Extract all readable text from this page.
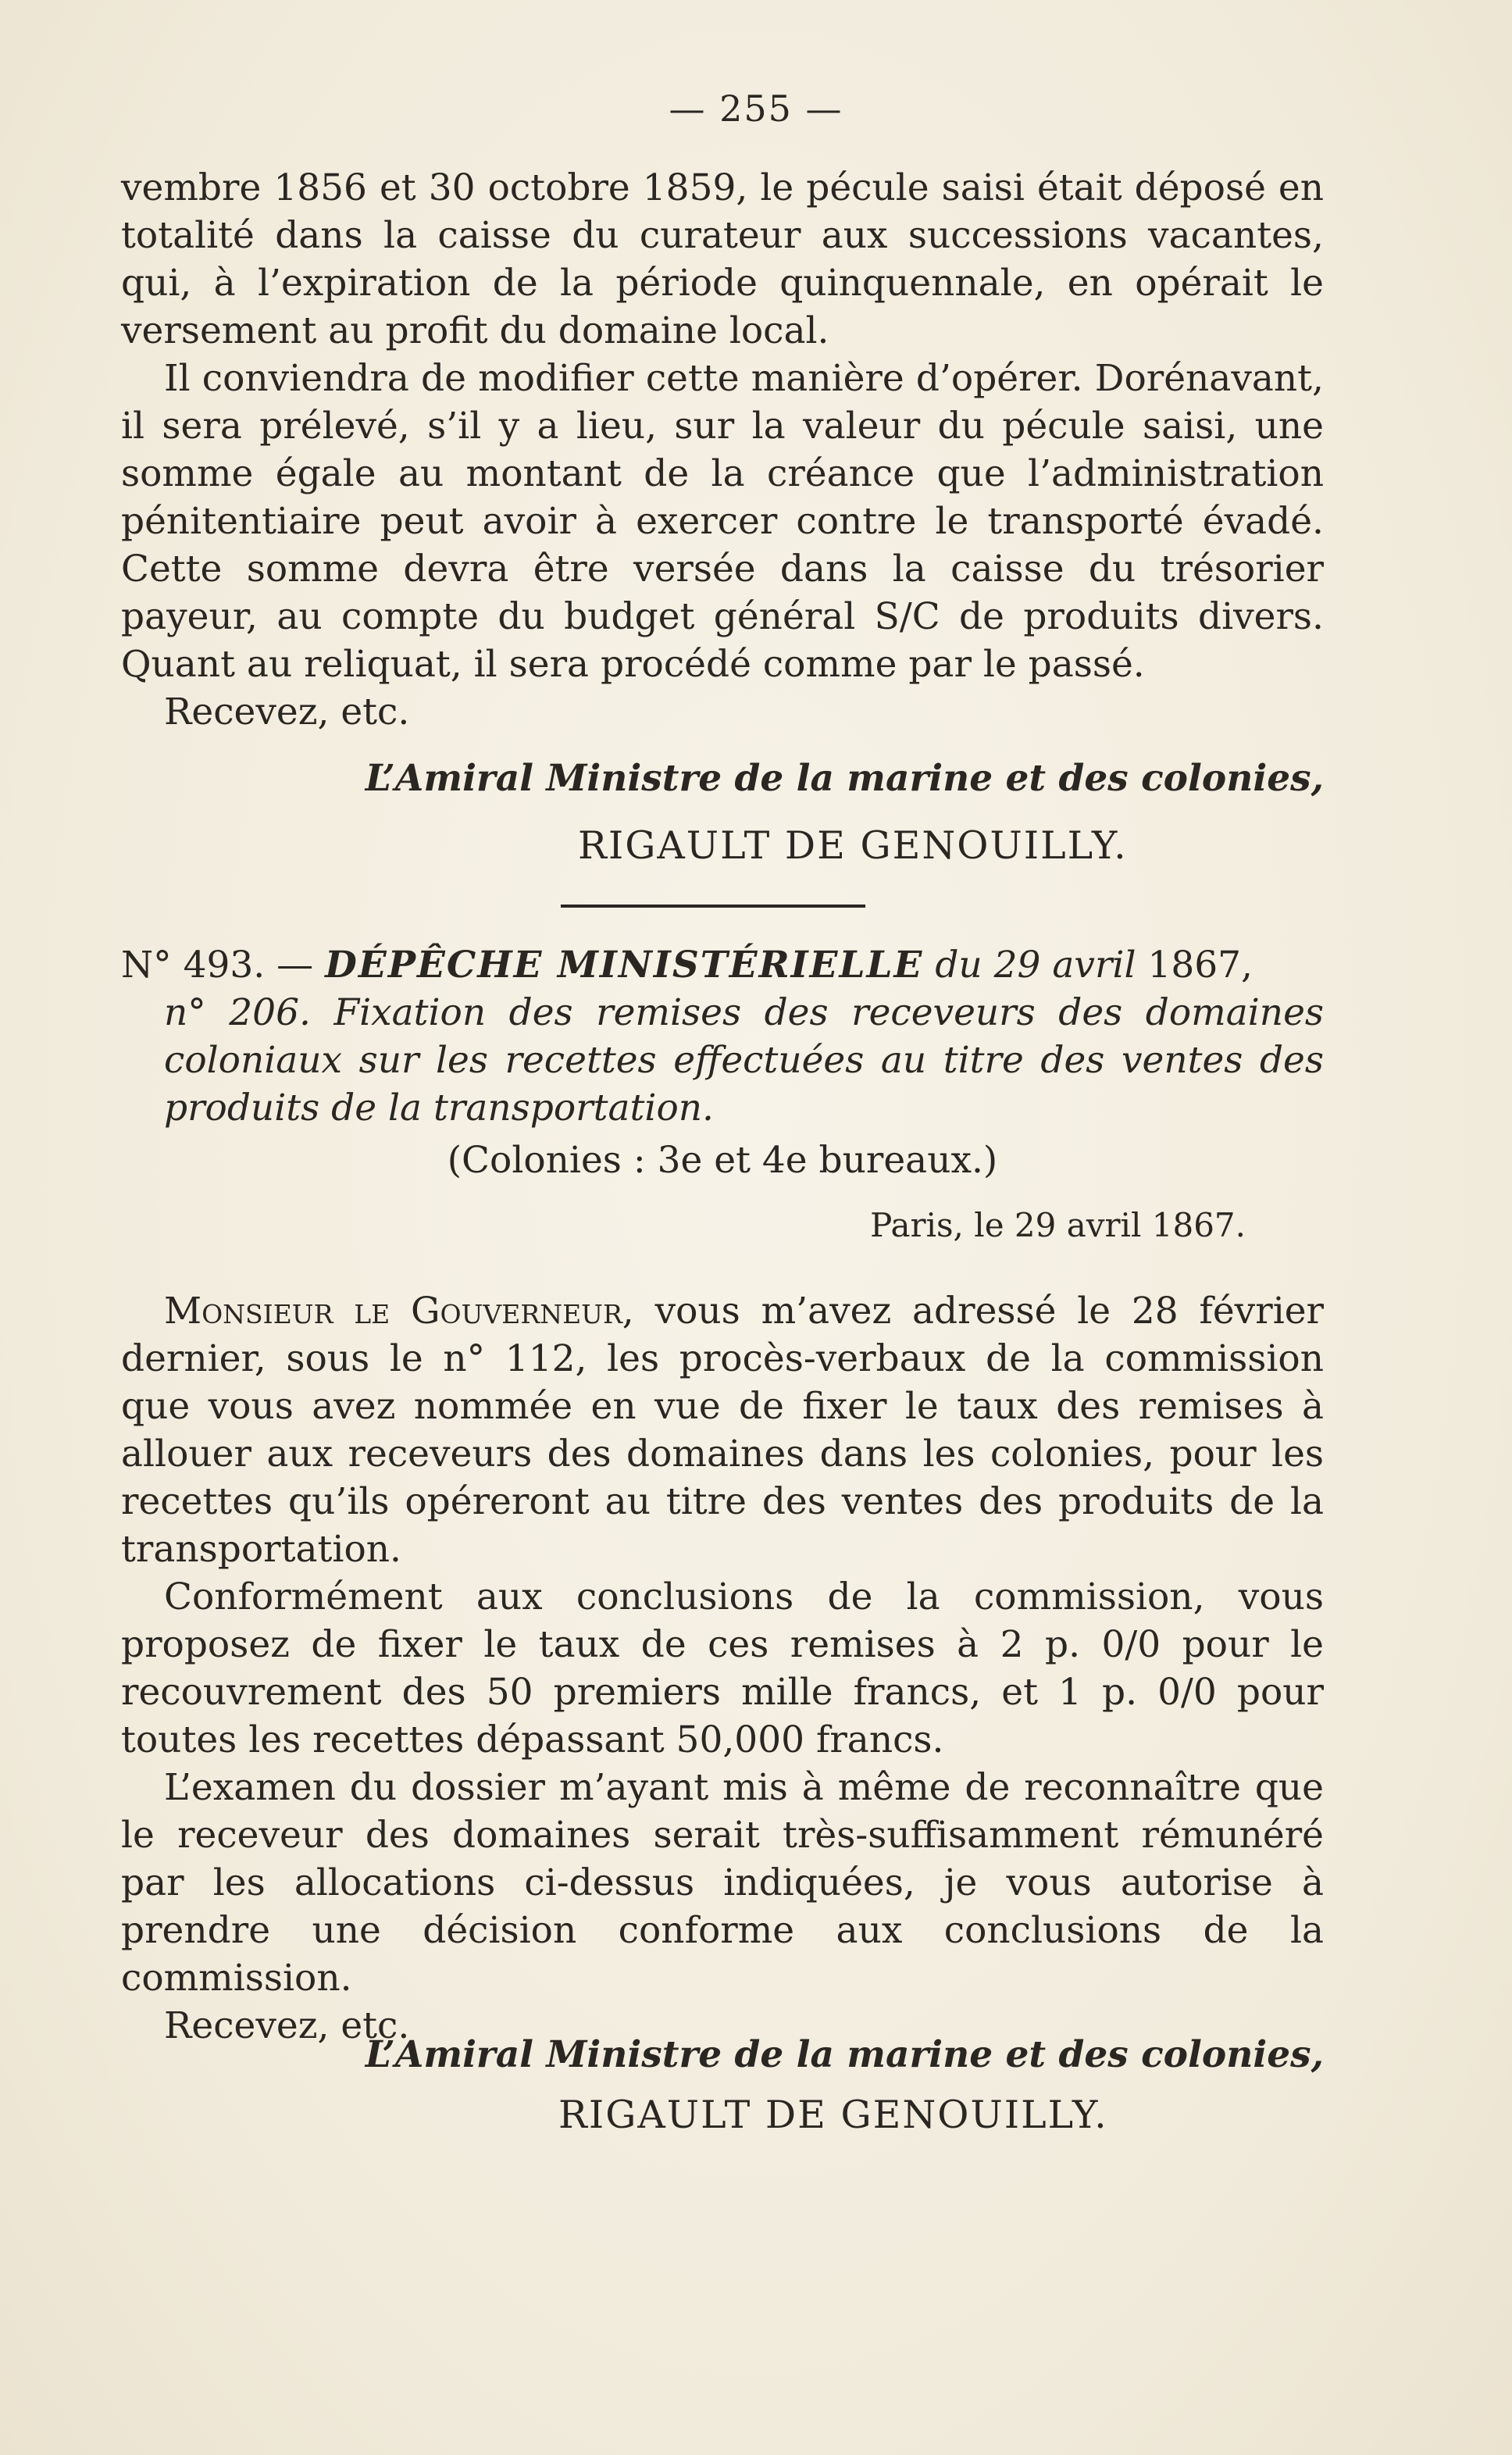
— 255 —

vembre 1856 et 30 octobre 1859, le pécule saisi était déposé en totalité dans la caisse du curateur aux successions vacantes, qui, à l’expiration de la période quinquennale, en opérait le versement au profit du domaine local.

Il conviendra de modifier cette manière d’opérer. Dorénavant, il sera prélevé, s’il y a lieu, sur la valeur du pécule saisi, une somme égale au montant de la créance que l’administration pénitentiaire peut avoir à exercer contre le transporté évadé. Cette somme devra être versée dans la caisse du trésorier payeur, au compte du budget général S/C de produits divers. Quant au reliquat, il sera procédé comme par le passé.

Recevez, etc.

L’Amiral Ministre de la marine et des colonies,

RIGAULT DE GENOUILLY.

N° 493. — DÉPÊCHE MINISTÉRIELLE du 29 avril 1867,

n° 206. Fixation des remises des receveurs des domaines coloniaux sur les recettes effectuées au titre des ventes des produits de la transportation.

(Colonies : 3e et 4e bureaux.)

Paris, le 29 avril 1867.

Monsieur le Gouverneur, vous m’avez adressé le 28 février dernier, sous le n° 112, les procès-verbaux de la commission que vous avez nommée en vue de fixer le taux des remises à allouer aux receveurs des domaines dans les colonies, pour les recettes qu’ils opéreront au titre des ventes des produits de la transportation.

Conformément aux conclusions de la commission, vous proposez de fixer le taux de ces remises à 2 p. 0/0 pour le recouvrement des 50 premiers mille francs, et 1 p. 0/0 pour toutes les recettes dépassant 50,000 francs.

L’examen du dossier m’ayant mis à même de reconnaître que le receveur des domaines serait très-suffisamment rémunéré par les allocations ci-dessus indiquées, je vous autorise à prendre une décision conforme aux conclusions de la commission.

Recevez, etc.

L’Amiral Ministre de la marine et des colonies,

RIGAULT DE GENOUILLY.
